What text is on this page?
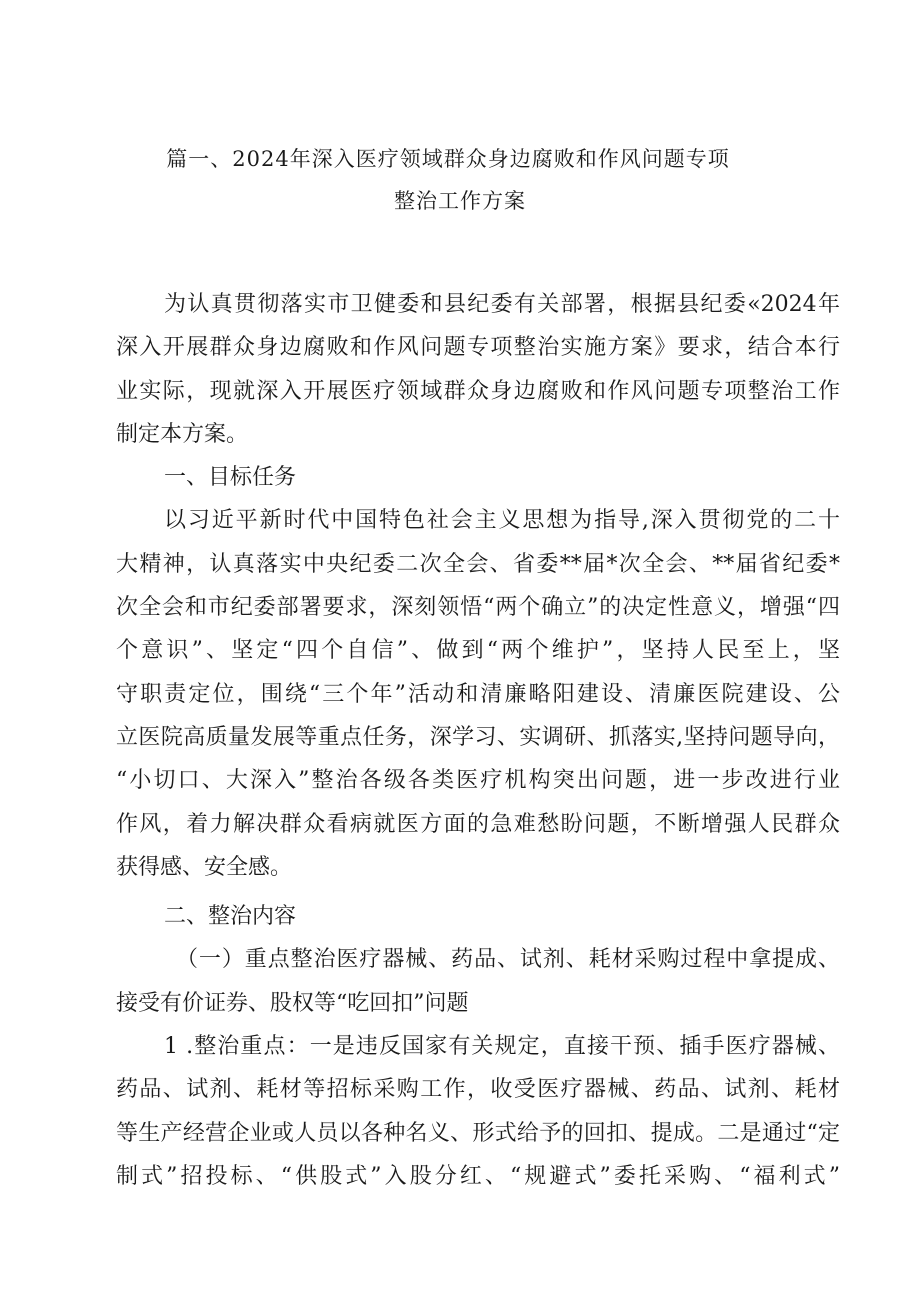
篇一、2024年深入医疗领域群众身边腐败和作风问题专项
整治工作方案
为认真贯彻落实市卫健委和县纪委有关部署，根据县纪委«2024年
深入开展群众身边腐败和作风问题专项整治实施方案》要求，结合本行
业实际，现就深入开展医疗领域群众身边腐败和作风问题专项整治工作
制定本方案。
一、目标任务
以习近平新时代中国特色社会主义思想为指导,深入贯彻党的二十
大精神，认真落实中央纪委二次全会、省委**届*次全会、**届省纪委*
次全会和市纪委部署要求，深刻领悟“两个确立”的决定性意义，增强“四
个意识”、坚定“四个自信”、做到“两个维护”，坚持人民至上，坚
守职责定位，围绕“三个年”活动和清廉略阳建设、清廉医院建设、公
立医院高质量发展等重点任务，深学习、实调研、抓落实,坚持问题导向，
“小切口、大深入”整治各级各类医疗机构突出问题，进一步改进行业
作风，着力解决群众看病就医方面的急难愁盼问题，不断增强人民群众
获得感、安全感。
二、整治内容
（一）重点整治医疗器械、药品、试剂、耗材采购过程中拿提成、
接受有价证券、股权等“吃回扣”问题
1 .整治重点：一是违反国家有关规定，直接干预、插手医疗器械、
药品、试剂、耗材等招标采购工作，收受医疗器械、药品、试剂、耗材
等生产经营企业或人员以各种名义、形式给予的回扣、提成。二是通过“定
制式”招投标、“供股式”入股分红、“规避式”委托采购、“福利式”
